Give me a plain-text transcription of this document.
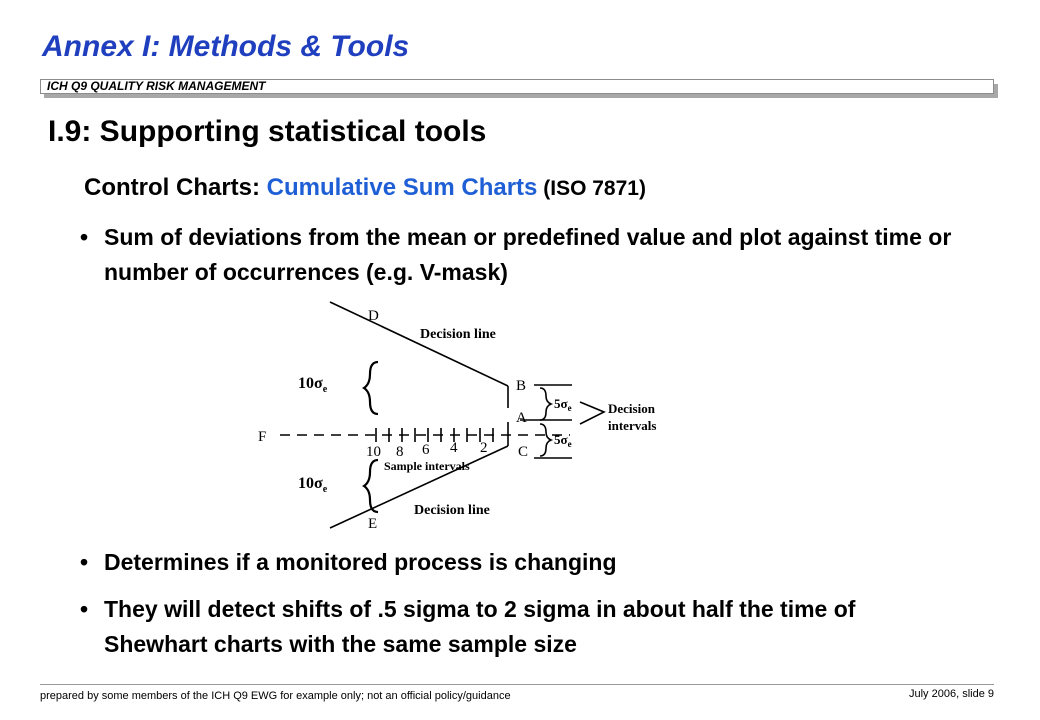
Annex I: Methods & Tools
ICH Q9 QUALITY RISK MANAGEMENT
I.9: Supporting statistical tools
Control Charts: Cumulative Sum Charts (ISO 7871)
• Sum of deviations from the mean or predefined value and plot against time or number of occurrences (e.g. V-mask)
D
Decision line
$10\sigma_e$	B
$5\sigma_e$
A
Decision
intervals
F	$5\sigma_e$
10 8 6 4 2 C
Sample intervals
$10\sigma_e$
Decision line
E
• Determines if a monitored process is changing
• They will detect shifts of .5 sigma to 2 sigma in about half the time of Shewhart charts with the same sample size
prepared by some members of the ICH Q9 EWG for example only; not an official policy/guidance	July 2006, slide 9
